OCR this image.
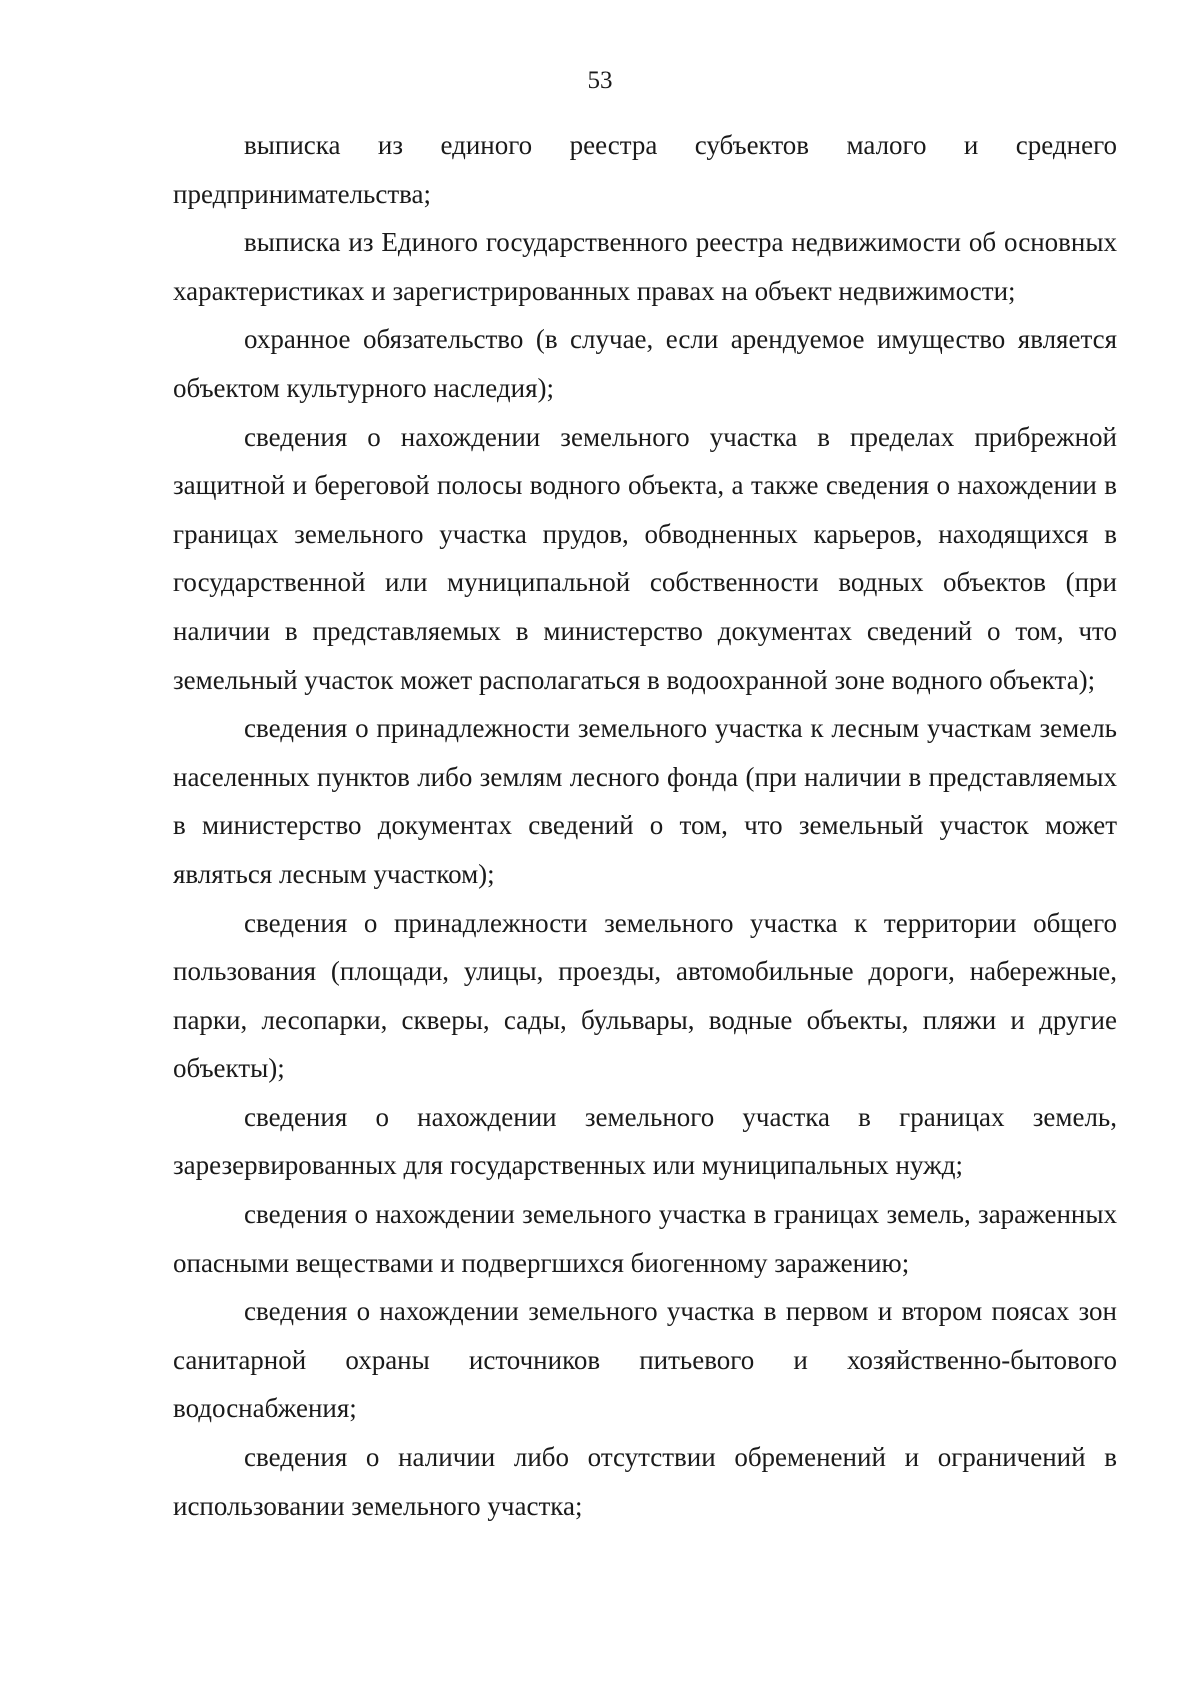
53

выписка из единого реестра субъектов малого и среднего предпринимательства;

выписка из Единого государственного реестра недвижимости об основных характеристиках и зарегистрированных правах на объект недвижимости;

охранное обязательство (в случае, если арендуемое имущество является объектом культурного наследия);

сведения о нахождении земельного участка в пределах прибрежной защитной и береговой полосы водного объекта, а также сведения о нахождении в границах земельного участка прудов, обводненных карьеров, находящихся в государственной или муниципальной собственности водных объектов (при наличии в представляемых в министерство документах сведений о том, что земельный участок может располагаться в водоохранной зоне водного объекта);

сведения о принадлежности земельного участка к лесным участкам земель населенных пунктов либо землям лесного фонда (при наличии в представляемых в министерство документах сведений о том, что земельный участок может являться лесным участком);

сведения о принадлежности земельного участка к территории общего пользования (площади, улицы, проезды, автомобильные дороги, набережные, парки, лесопарки, скверы, сады, бульвары, водные объекты, пляжи и другие объекты);

сведения о нахождении земельного участка в границах земель, зарезервированных для государственных или муниципальных нужд;

сведения о нахождении земельного участка в границах земель, зараженных опасными веществами и подвергшихся биогенному заражению;

сведения о нахождении земельного участка в первом и втором поясах зон санитарной охраны источников питьевого и хозяйственно-бытового водоснабжения;

сведения о наличии либо отсутствии обременений и ограничений в использовании земельного участка;
